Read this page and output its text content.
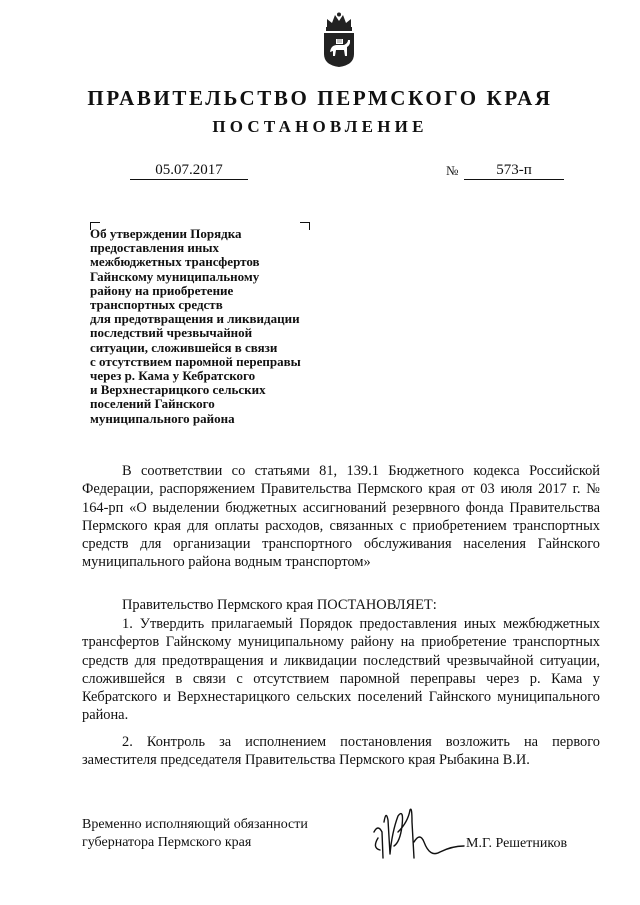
ПРАВИТЕЛЬСТВО ПЕРМСКОГО КРАЯ
ПОСТАНОВЛЕНИЕ
05.07.2017	№	573-п
Об утверждении Порядка
предоставления иных
межбюджетных трансфертов
Гайнскому муниципальному
району на приобретение
транспортных средств
для предотвращения и ликвидации
последствий чрезвычайной
ситуации, сложившейся в связи
с отсутствием паромной переправы
через р. Кама у Кебратского
и Верхнестарицкого сельских
поселений Гайнского
муниципального района
В соответствии со статьями 81, 139.1 Бюджетного кодекса Российской Федерации, распоряжением Правительства Пермского края от 03 июля 2017 г. № 164-рп «О выделении бюджетных ассигнований резервного фонда Правительства Пермского края для оплаты расходов, связанных с приобретением транспортных средств для организации транспортного обслуживания населения Гайнского муниципального района водным транспортом»
Правительство Пермского края ПОСТАНОВЛЯЕТ:
1. Утвердить прилагаемый Порядок предоставления иных межбюджетных трансфертов Гайнскому муниципальному району на приобретение транспортных средств для предотвращения и ликвидации последствий чрезвычайной ситуации, сложившейся в связи с отсутствием паромной переправы через р. Кама у Кебратского и Верхнестарицкого сельских поселений Гайнского муниципального района.
2. Контроль за исполнением постановления возложить на первого заместителя председателя Правительства Пермского края Рыбакина В.И.
Временно исполняющий обязанности
губернатора Пермского края	М.Г. Решетников
